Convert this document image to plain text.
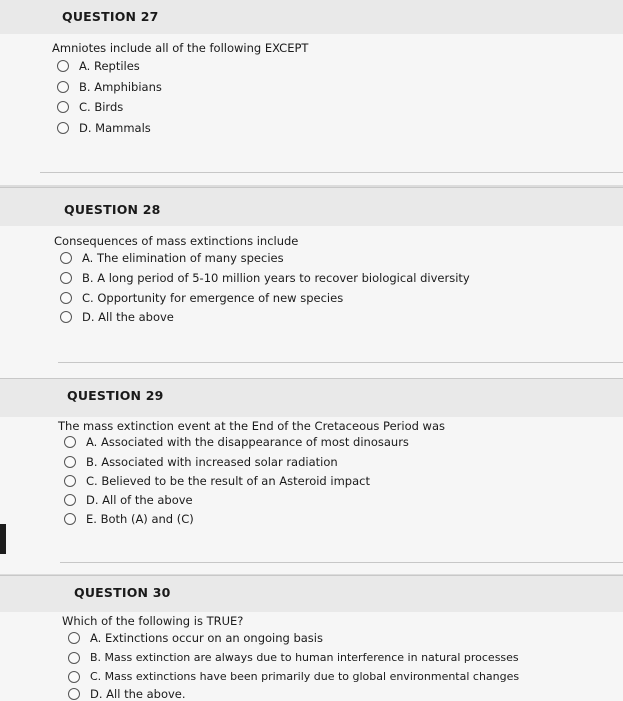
QUESTION 27
Amniotes include all of the following EXCEPT
A. Reptiles
B. Amphibians
C. Birds
D. Mammals
QUESTION 28
Consequences of mass extinctions include
A. The elimination of many species
B. A long period of 5-10 million years to recover biological diversity
C. Opportunity for emergence of new species
D. All the above
QUESTION 29
The mass extinction event at the End of the Cretaceous Period was
A. Associated with the disappearance of most dinosaurs
B. Associated with increased solar radiation
C. Believed to be the result of an Asteroid impact
D. All of the above
E. Both (A) and (C)
QUESTION 30
Which of the following is TRUE?
A. Extinctions occur on an ongoing basis
B. Mass extinction are always due to human interference in natural processes
C. Mass extinctions have been primarily due to global environmental changes
D. All the above.
